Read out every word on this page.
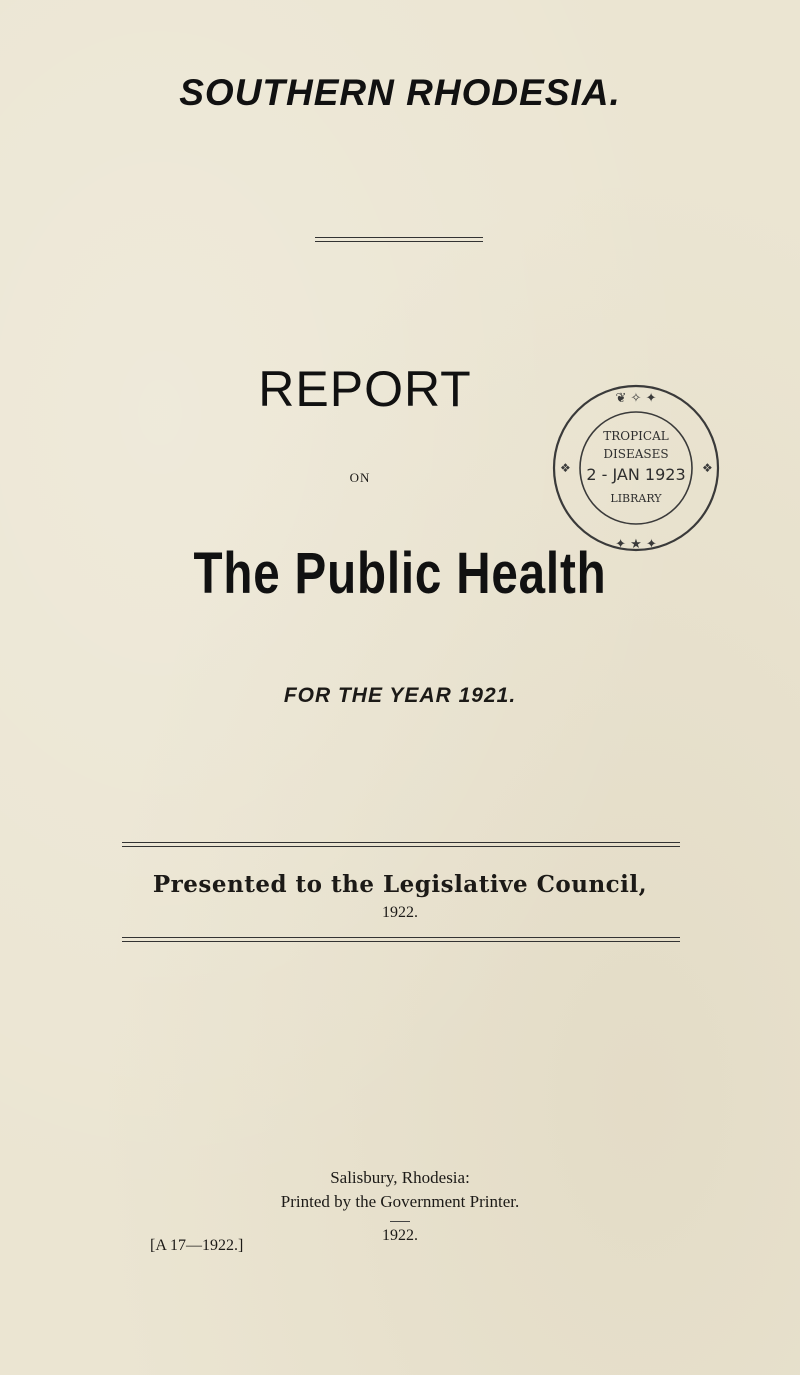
SOUTHERN RHODESIA.
REPORT
ON
❦ ✧ ✦
✦ ★ ✦
❖	❖
TROPICAL
DISEASES
2 - JAN 1923
LIBRARY
The Public Health
FOR THE YEAR 1921.
Presented to the Legislative Council,
1922.
Salisbury, Rhodesia:
Printed by the Government Printer.
1922.
[A 17—1922.]
